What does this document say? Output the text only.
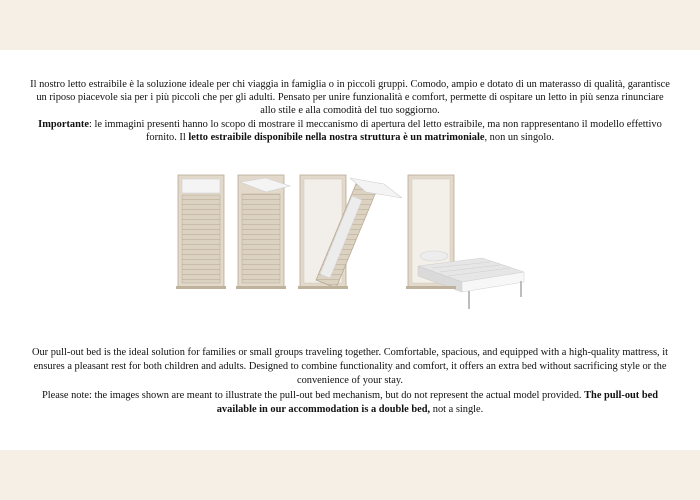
Il nostro letto estraibile è la soluzione ideale per chi viaggia in famiglia o in piccoli gruppi. Comodo, ampio e dotato di un materasso di qualità, garantisce un riposo piacevole sia per i più piccoli che per gli adulti. Pensato per unire funzionalità e comfort, permette di ospitare un letto in più senza rinunciare allo stile e alla comodità del tuo soggiorno.

Importante: le immagini presenti hanno lo scopo di mostrare il meccanismo di apertura del letto estraibile, ma non rappresentano il modello effettivo fornito. Il letto estraibile disponibile nella nostra struttura è un matrimoniale, non un singolo.

Our pull-out bed is the ideal solution for families or small groups traveling together. Comfortable, spacious, and equipped with a high-quality mattress, it ensures a pleasant rest for both children and adults. Designed to combine functionality and comfort, it offers an extra bed without sacrificing style or the convenience of your stay.

Please note: the images shown are meant to illustrate the pull-out bed mechanism, but do not represent the actual model provided. The pull-out bed available in our accommodation is a double bed, not a single.
